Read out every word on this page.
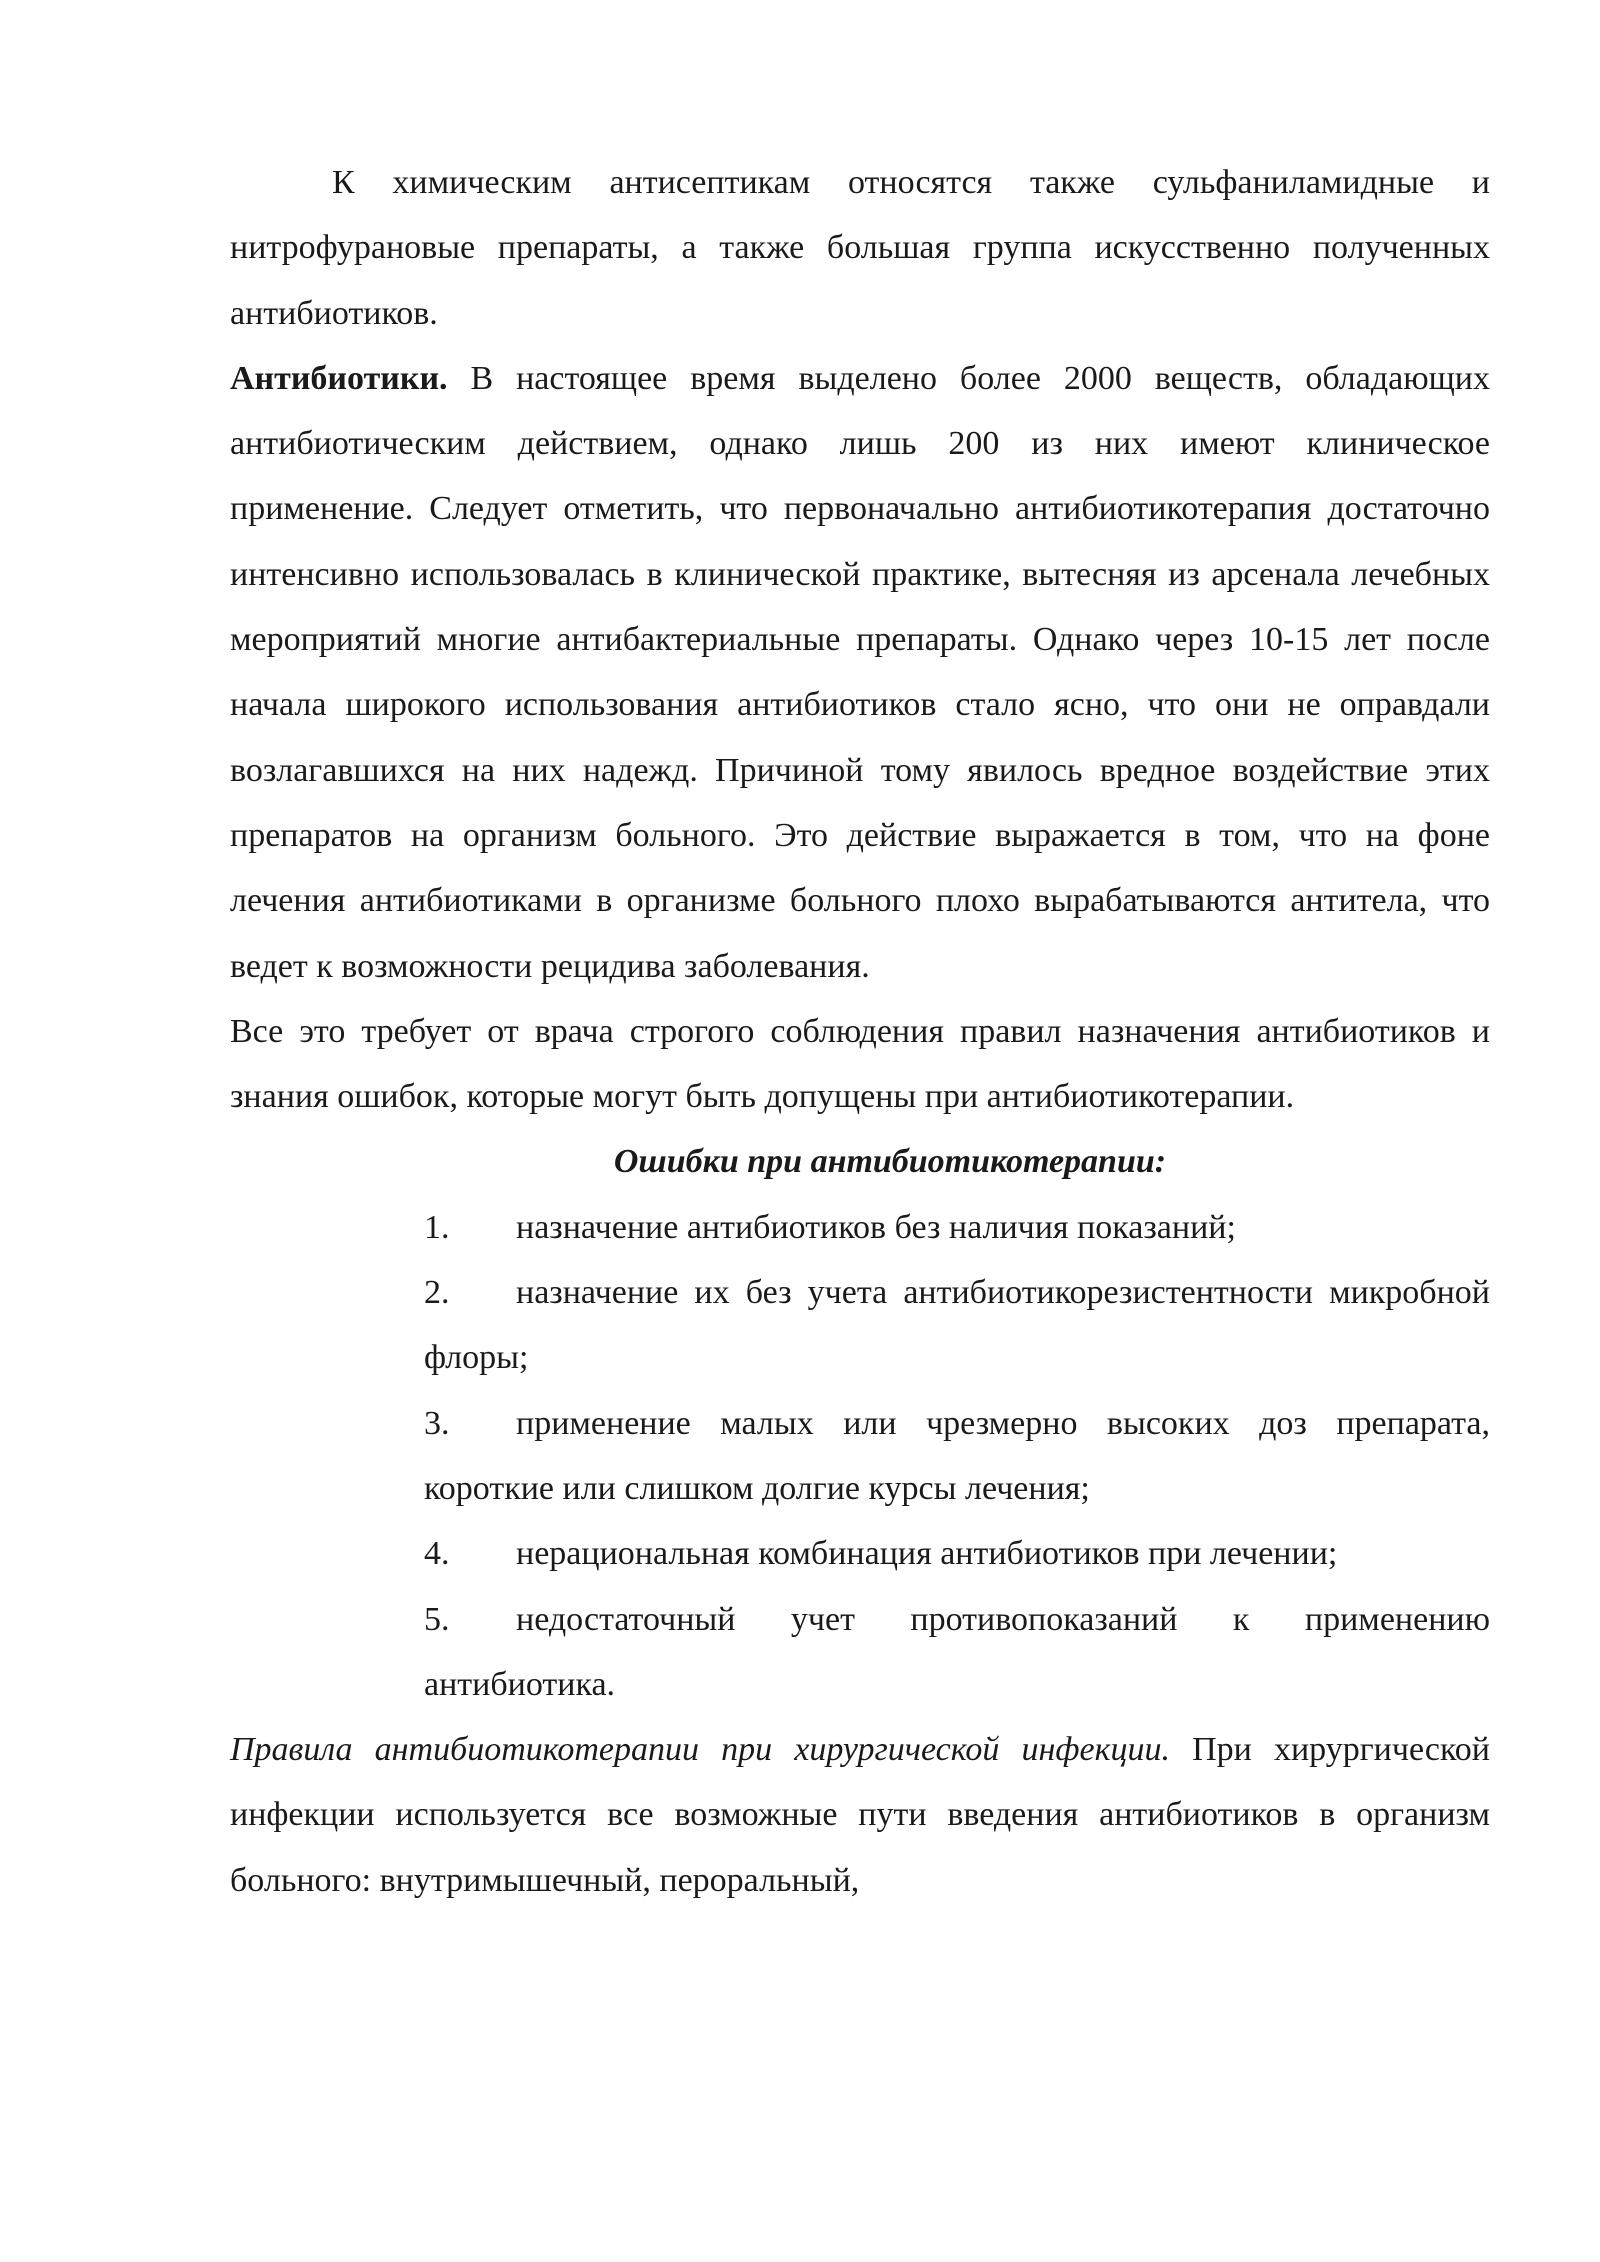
К химическим антисептикам относятся также сульфаниламидные и нитрофурановые препараты, а также большая группа искусственно полученных антибиотиков.

Антибиотики. В настоящее время выделено более 2000 веществ, обладающих антибиотическим действием, однако лишь 200 из них имеют клиническое применение. Следует отметить, что первоначально антибиотикотерапия достаточно интенсивно использовалась в клинической практике, вытесняя из арсенала лечебных мероприятий многие антибактериальные препараты. Однако через 10-15 лет после начала широкого использования антибиотиков стало ясно, что они не оправдали возлагавшихся на них надежд. Причиной тому явилось вредное воздействие этих препаратов на организм больного. Это действие выражается в том, что на фоне лечения антибиотиками в организме больного плохо вырабатываются антитела, что ведет к возможности рецидива заболевания.

Все это требует от врача строгого соблюдения правил назначения антибиотиков и знания ошибок, которые могут быть допущены при антибиотикотерапии.

Ошибки при антибиотикотерапии:

1.	назначение антибиотиков без наличия показаний;
2.	назначение их без учета антибиотикорезистентности микробной флоры;
3.	применение малых или чрезмерно высоких доз препарата, короткие или слишком долгие курсы лечения;
4.	нерациональная комбинация антибиотиков при лечении;
5.	недостаточный учет противопоказаний к применению антибиотика.

Правила антибиотикотерапии при хирургической инфекции. При хирургической инфекции используется все возможные пути введения антибиотиков в организм больного: внутримышечный, пероральный,
